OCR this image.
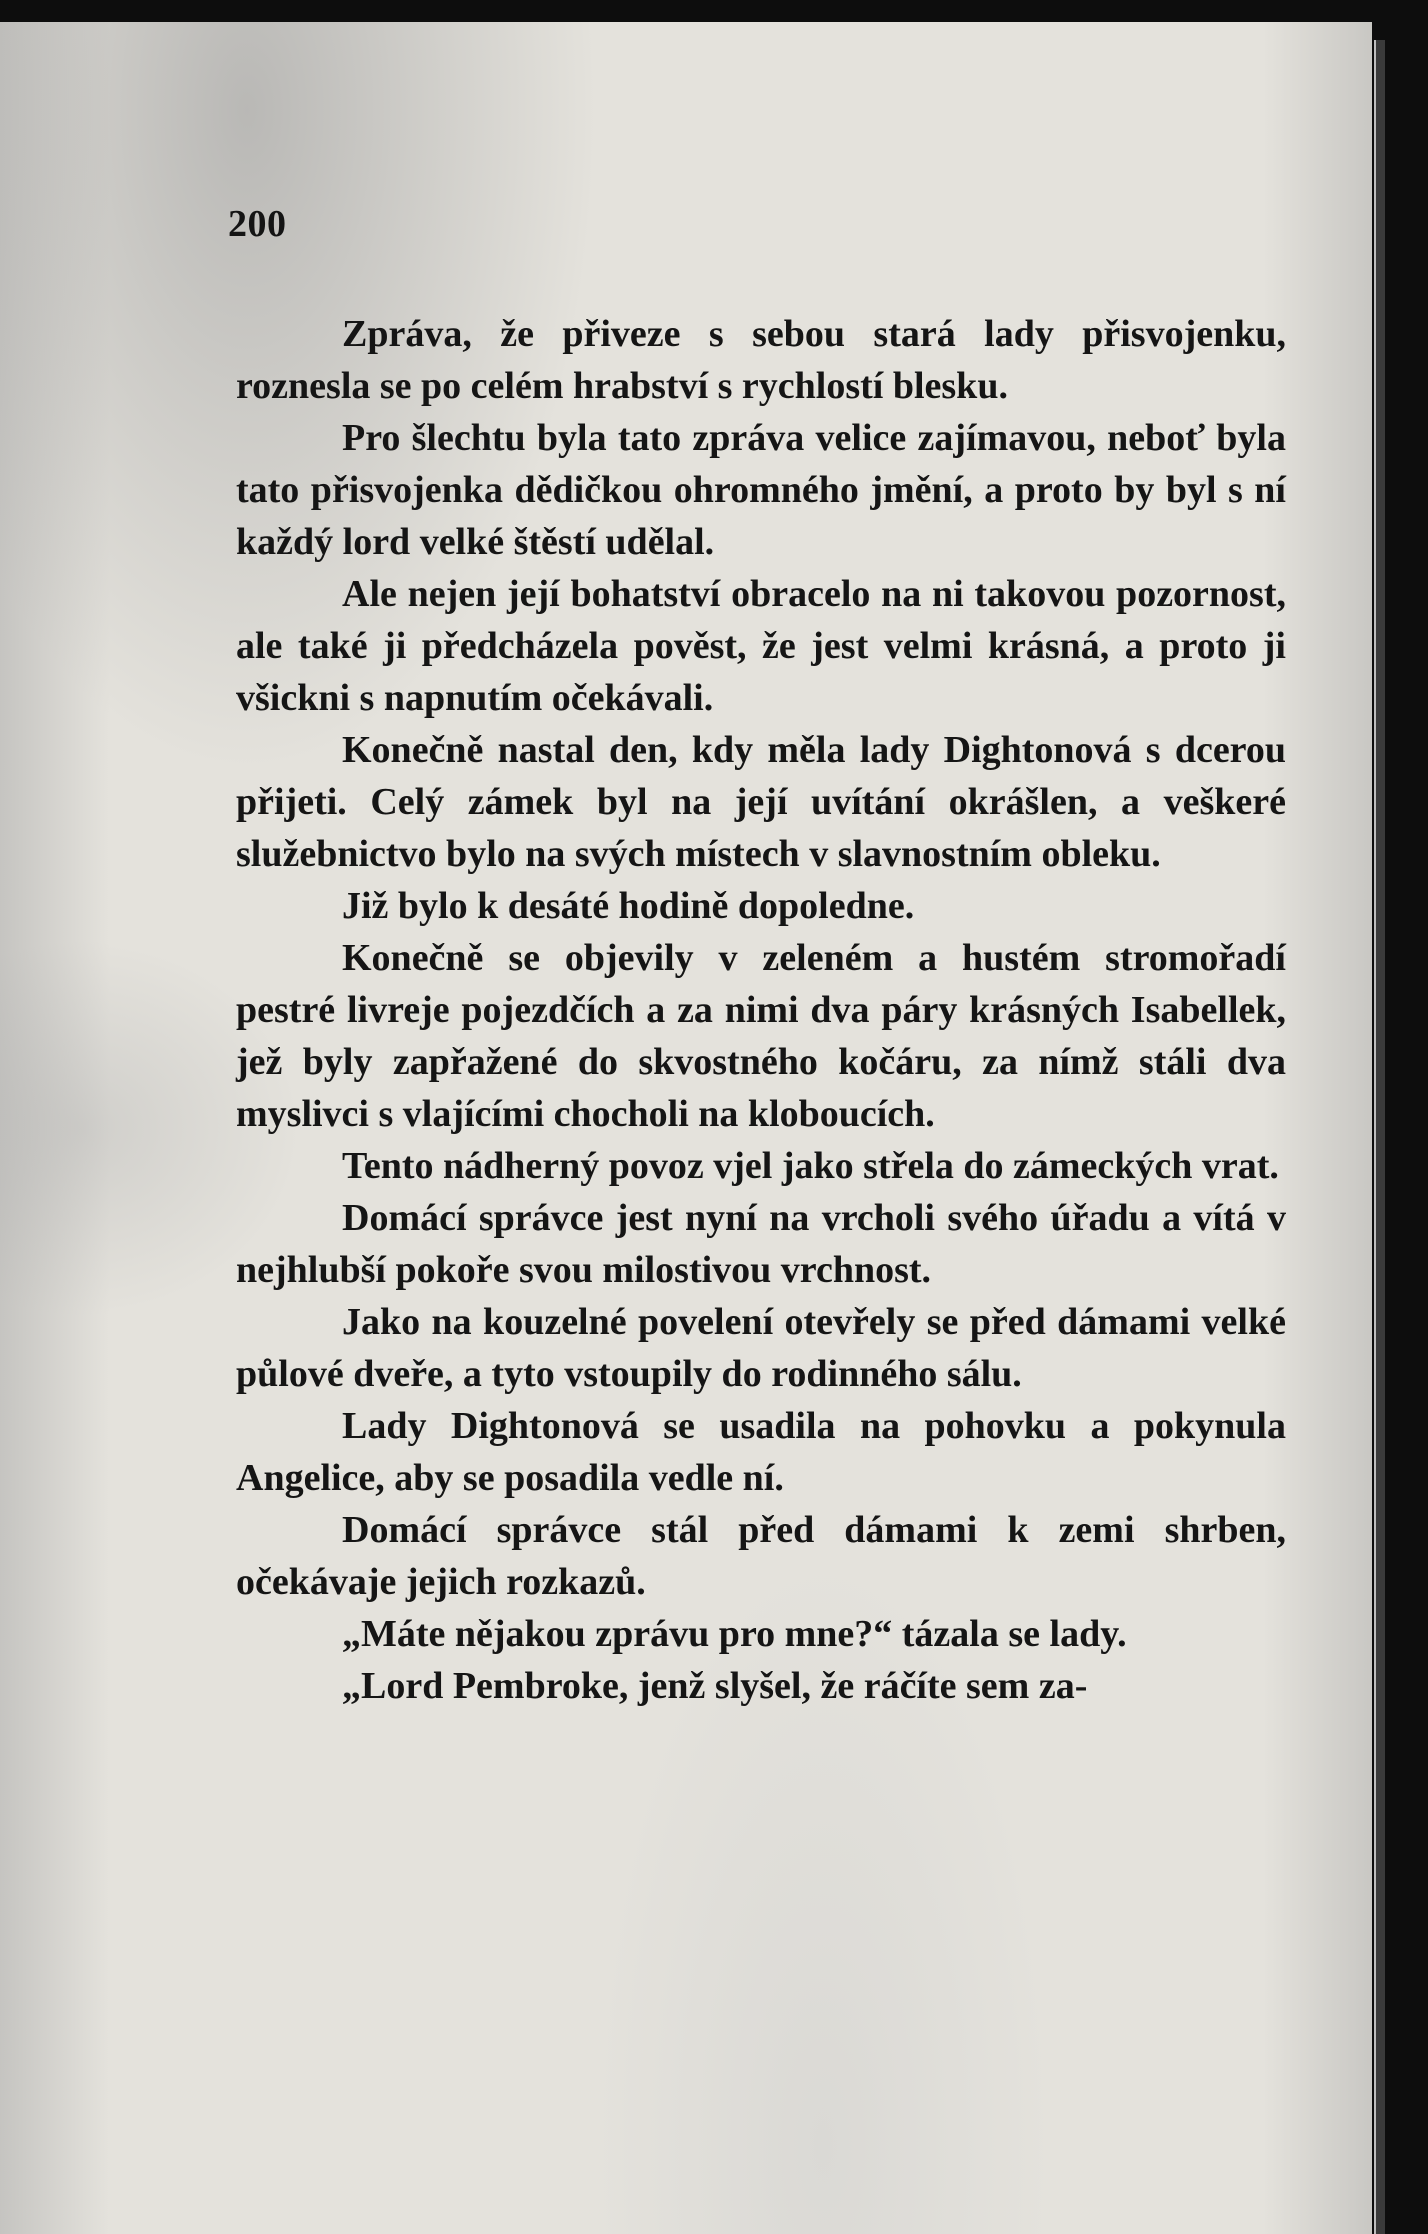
200

Zpráva, že přiveze s sebou stará lady přisvojenku, roznesla se po celém hrabství s rychlostí blesku.

Pro šlechtu byla tato zpráva velice zajímavou, neboť byla tato přisvojenka dědičkou ohromného jmění, a proto by byl s ní každý lord velké štěstí udělal.

Ale nejen její bohatství obracelo na ni takovou pozornost, ale také ji předcházela pověst, že jest velmi krásná, a proto ji všickni s napnutím očekávali.

Konečně nastal den, kdy měla lady Dightonová s dcerou přijeti. Celý zámek byl na její uvítání okrášlen, a veškeré služebnictvo bylo na svých místech v slavnostním obleku.

Již bylo k desáté hodině dopoledne.

Konečně se objevily v zeleném a hustém stromořadí pestré livreje pojezdčích a za nimi dva páry krásných Isabellek, jež byly zapřažené do skvostného kočáru, za nímž stáli dva myslivci s vlajícími chocholi na kloboucích.

Tento nádherný povoz vjel jako střela do zámeckých vrat.

Domácí správce jest nyní na vrcholi svého úřadu a vítá v nejhlubší pokoře svou milostivou vrchnost.

Jako na kouzelné povelení otevřely se před dámami velké půlové dveře, a tyto vstoupily do rodinného sálu.

Lady Dightonová se usadila na pohovku a pokynula Angelice, aby se posadila vedle ní.

Domácí správce stál před dámami k zemi shrben, očekávaje jejich rozkazů.

„Máte nějakou zprávu pro mne?“ tázala se lady.

„Lord Pembroke, jenž slyšel, že ráčíte sem za-
